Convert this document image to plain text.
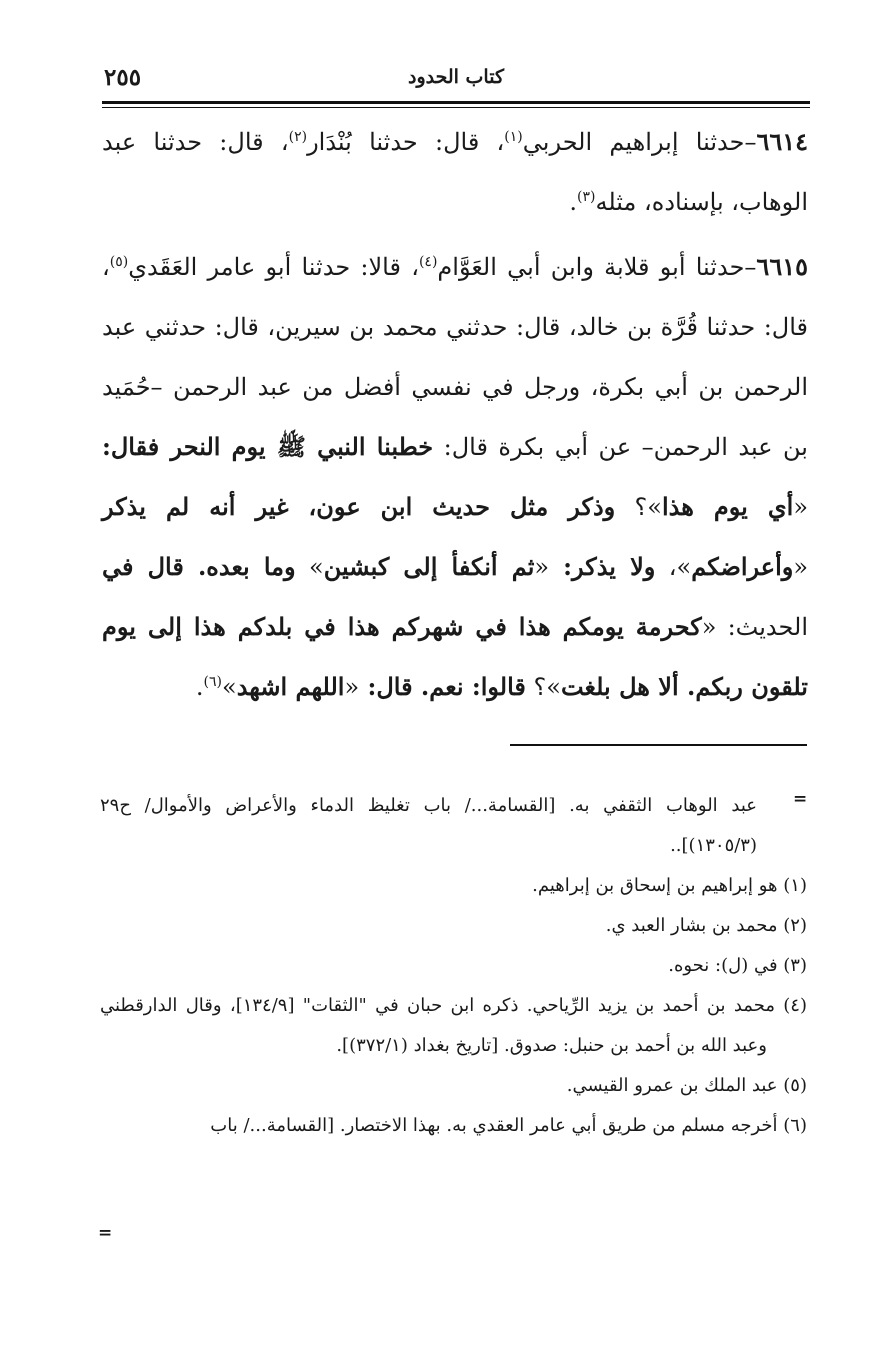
٢٥٥	كتاب الحدود

٦٦١٤–حدثنا إبراهيم الحربي$^{(١)}$، قال: حدثنا بُنْدَار$^{(٢)}$، قال: حدثنا عبد الوهاب، بإسناده، مثله$^{(٣)}$.

٦٦١٥–حدثنا أبو قلابة وابن أبي العَوَّام$^{(٤)}$، قالا: حدثنا أبو عامر العَقَدي$^{(٥)}$، قال: حدثنا قُرَّة بن خالد، قال: حدثني محمد بن سيرين، قال: حدثني عبد الرحمن بن أبي بكرة، ورجل في نفسي أفضل من عبد الرحمن –حُمَيد بن عبد الرحمن– عن أبي بكرة قال: خطبنا النبي ﷺ يوم النحر فقال: «أي يوم هذا»؟ وذكر مثل حديث ابن عون، غير أنه لم يذكر «وأعراضكم»، ولا يذكر: «ثم أنكفأ إلى كبشين» وما بعده. قال في الحديث: «كحرمة يومكم هذا في شهركم هذا في بلدكم هذا إلى يوم تلقون ربكم. ألا هل بلغت»؟ قالوا: نعم. قال: «اللهم اشهد»$^{(٦)}$.

=

عبد الوهاب الثقفي به. [القسامة.../ باب تغليظ الدماء والأعراض والأموال/ ح٢٩ (١٣٠٥/٣)]..

(١) هو إبراهيم بن إسحاق بن إبراهيم.

(٢) محمد بن بشار العبد ي.

(٣) في (ل): نحوه.

(٤) محمد بن أحمد بن يزيد الرِّياحي. ذكره ابن حبان في "الثقات" [١٣٤/٩]، وقال الدارقطني وعبد الله بن أحمد بن حنبل: صدوق. [تاريخ بغداد (٣٧٢/١)].

(٥) عبد الملك بن عمرو القيسي.

(٦) أخرجه مسلم من طريق أبي عامر العقدي به. بهذا الاختصار. [القسامة.../ باب

=
